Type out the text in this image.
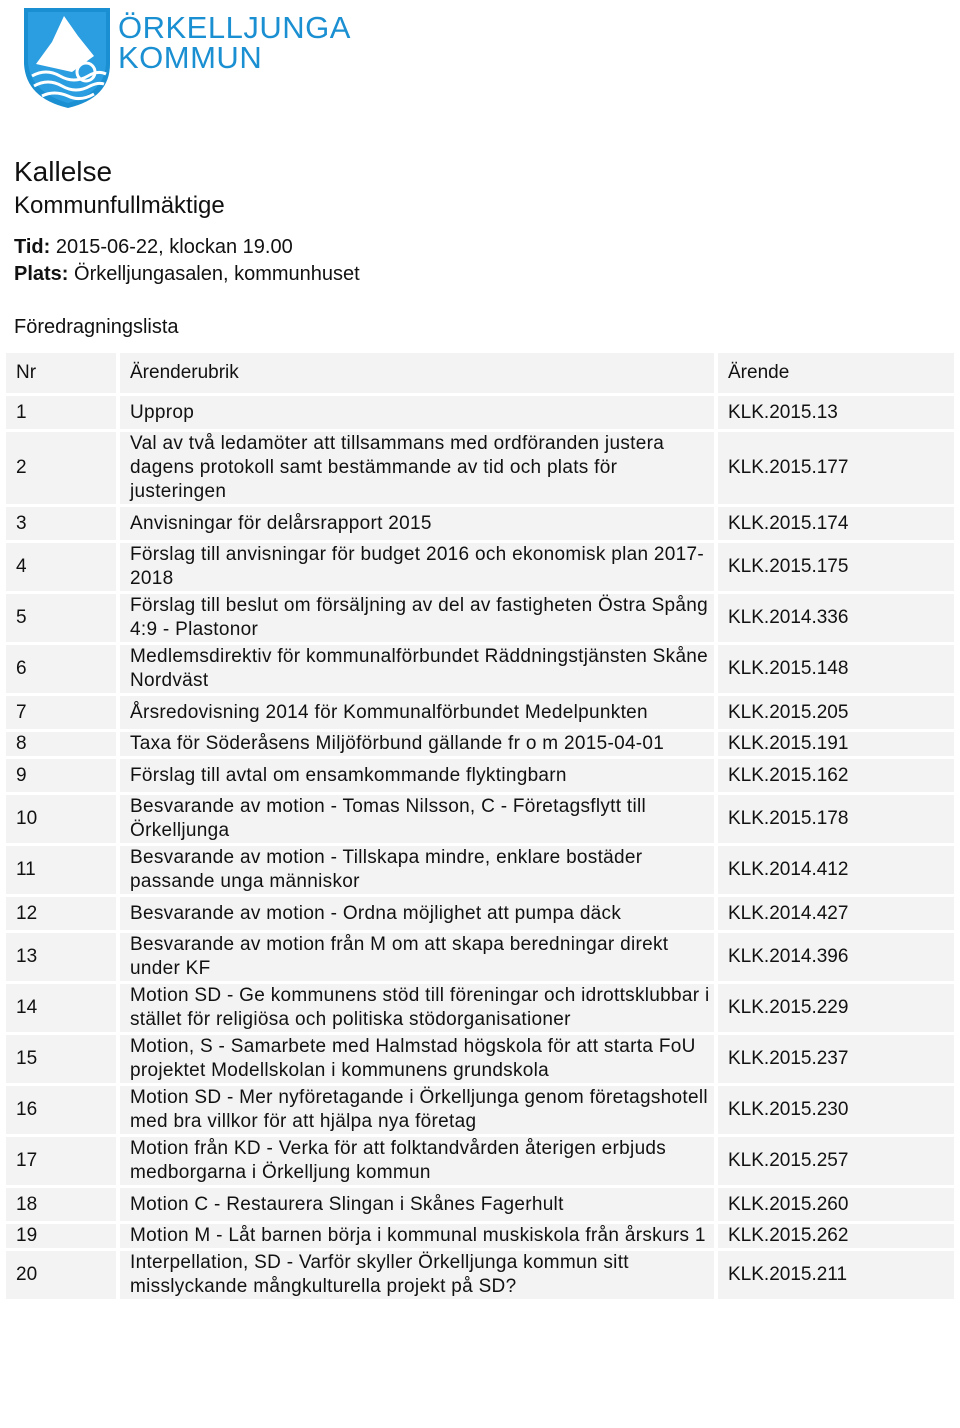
ÖRKELLJUNGA
KOMMUN
Kallelse
Kommunfullmäktige
Tid: 2015-06-22, klockan 19.00
Plats: Örkelljungasalen, kommunhuset
Föredragningslista
Nr	Ärenderubrik	Ärende
1	Upprop	KLK.2015.13
2	Val av två ledamöter att tillsammans med ordföranden justera dagens protokoll samt bestämmande av tid och plats för justeringen	KLK.2015.177
3	Anvisningar för delårsrapport 2015	KLK.2015.174
4	Förslag till anvisningar för budget 2016 och ekonomisk plan 2017-2018	KLK.2015.175
5	Förslag till beslut om försäljning av del av fastigheten Östra Spång 4:9 - Plastonor	KLK.2014.336
6	Medlemsdirektiv för kommunalförbundet Räddningstjänsten Skåne Nordväst	KLK.2015.148
7	Årsredovisning 2014 för Kommunalförbundet Medelpunkten	KLK.2015.205
8	Taxa för Söderåsens Miljöförbund gällande fr o m 2015-04-01	KLK.2015.191
9	Förslag till avtal om ensamkommande flyktingbarn	KLK.2015.162
10	Besvarande av motion - Tomas Nilsson, C - Företagsflytt till Örkelljunga	KLK.2015.178
11	Besvarande av motion - Tillskapa mindre, enklare bostäder passande unga människor	KLK.2014.412
12	Besvarande av motion - Ordna möjlighet att pumpa däck	KLK.2014.427
13	Besvarande av motion från M om att skapa beredningar direkt under KF	KLK.2014.396
14	Motion SD - Ge kommunens stöd till föreningar och idrottsklubbar i stället för religiösa och politiska stödorganisationer	KLK.2015.229
15	Motion, S - Samarbete med Halmstad högskola för att starta FoU projektet Modellskolan i kommunens grundskola	KLK.2015.237
16	Motion SD - Mer nyföretagande i Örkelljunga genom företagshotell med bra villkor för att hjälpa nya företag	KLK.2015.230
17	Motion från KD - Verka för att folktandvården återigen erbjuds medborgarna i Örkelljung kommun	KLK.2015.257
18	Motion C - Restaurera Slingan i Skånes Fagerhult	KLK.2015.260
19	Motion M - Låt barnen börja i kommunal muskiskola från årskurs 1	KLK.2015.262
20	Interpellation, SD - Varför skyller Örkelljunga kommun sitt misslyckande mångkulturella projekt på SD?	KLK.2015.211
